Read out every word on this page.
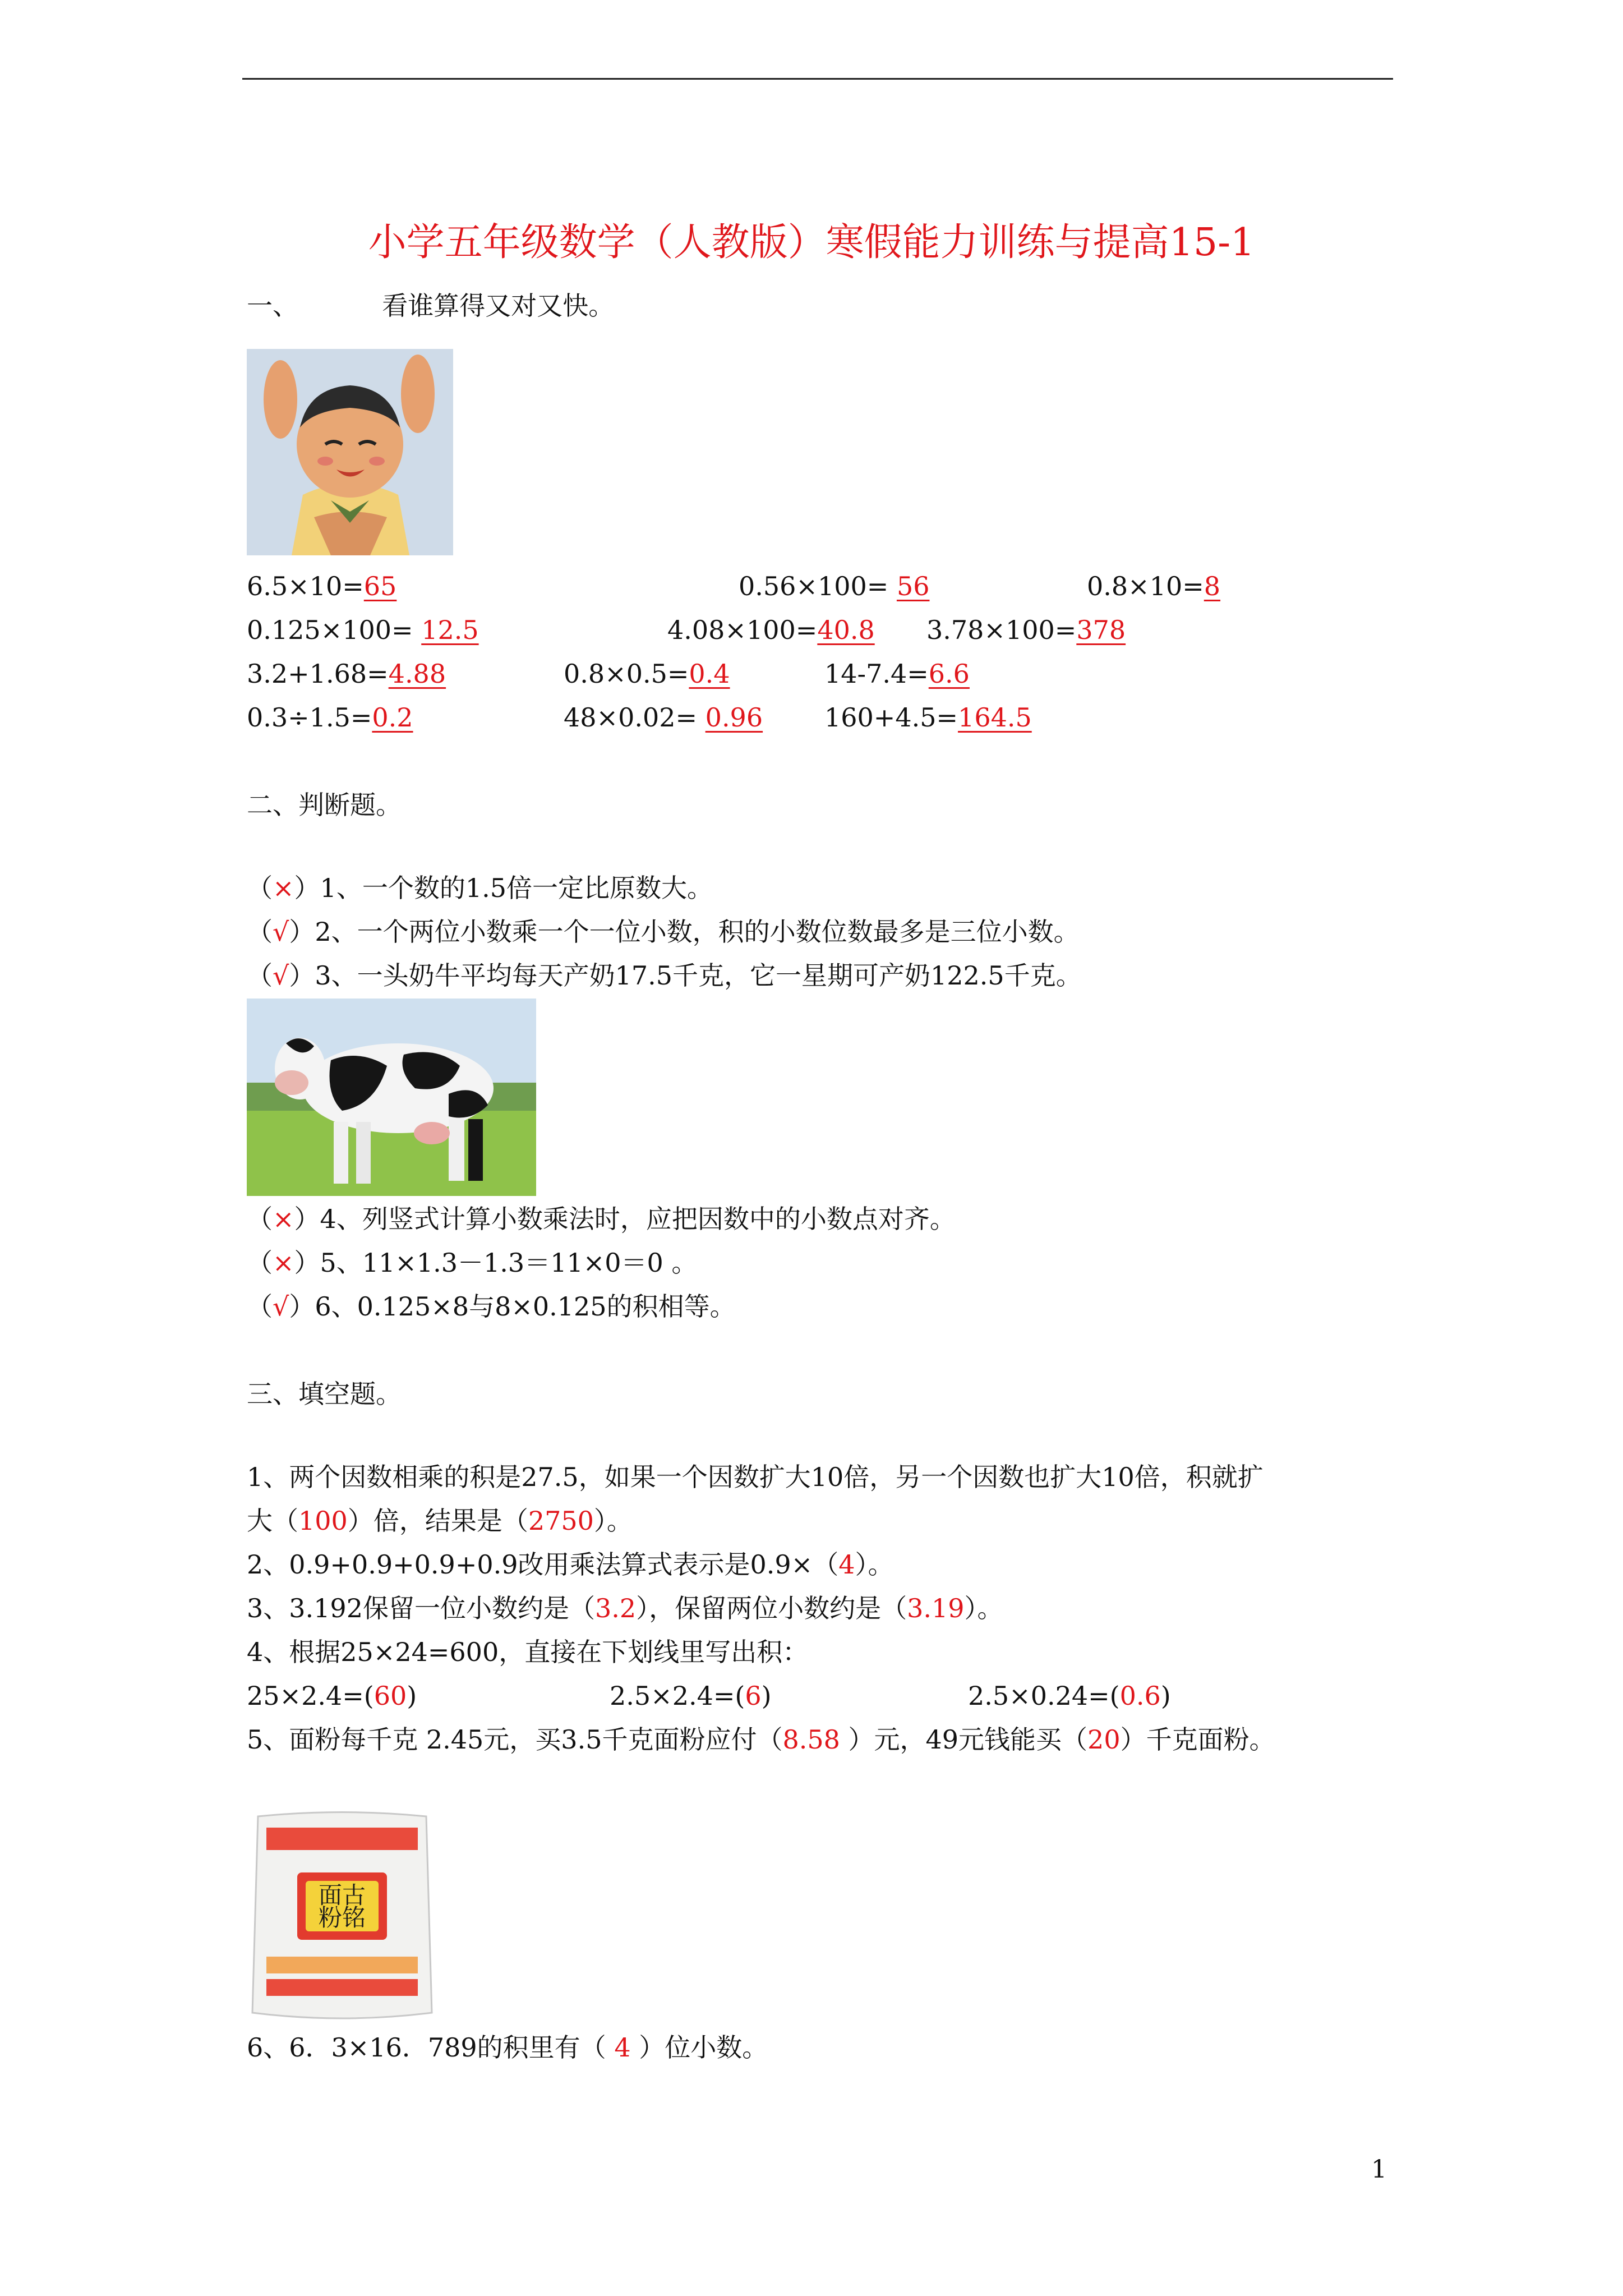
小学五年级数学（人教版）寒假能力训练与提高15-1
一、	看谁算得又对又快。
6.5×10=65	0.56×100= 56	0.8×10=8
0.125×100= 12.5	4.08×100=40.8 3.78×100=378
3.2+1.68=4.88	0.8×0.5=0.4	14-7.4=6.6
0.3÷1.5=0.2	48×0.02= 0.96 160+4.5=164.5
二、判断题。
（×）1、一个数的1.5倍一定比原数大。
（√）2、一个两位小数乘一个一位小数，积的小数位数最多是三位小数。
（√）3、一头奶牛平均每天产奶17.5千克，它一星期可产奶122.5千克。
（×）4、列竖式计算小数乘法时，应把因数中的小数点对齐。
（×）5、11×1.3－1.3＝11×0＝0 。
（√）6、0.125×8与8×0.125的积相等。
三、填空题。
1、两个因数相乘的积是27.5，如果一个因数扩大10倍，另一个因数也扩大10倍，积就扩
大（100）倍，结果是（2750）。
2、0.9+0.9+0.9+0.9改用乘法算式表示是0.9×（4）。
3、3.192保留一位小数约是（3.2），保留两位小数约是（3.19）。
4、根据25×24=600，直接在下划线里写出积：
25×2.4=(60)	2.5×2.4=(6)	2.5×0.24=(0.6)
5、面粉每千克 2.45元，买3.5千克面粉应付（8.58 ）元，49元钱能买（20）千克面粉。
面古
粉铭
6、6．3×16．789的积里有（ 4 ）位小数。
1
